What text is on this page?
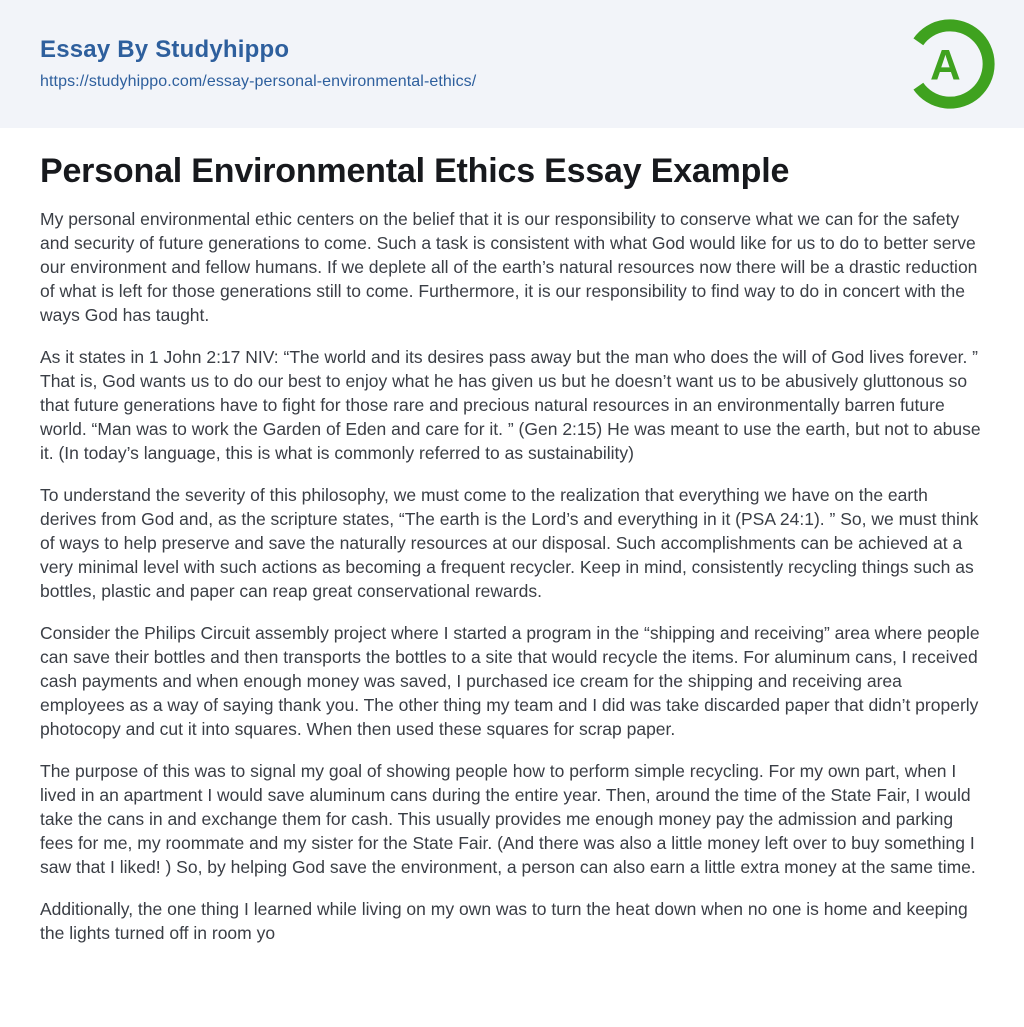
Essay By Studyhippo
https://studyhippo.com/essay-personal-environmental-ethics/	A
Personal Environmental Ethics Essay Example

My personal environmental ethic centers on the belief that it is our responsibility to conserve what we can for the safety and security of future generations to come. Such a task is consistent with what God would like for us to do to better serve our environment and fellow humans. If we deplete all of the earth’s natural resources now there will be a drastic reduction of what is left for those generations still to come. Furthermore, it is our responsibility to find way to do in concert with the ways God has taught.

As it states in 1 John 2:17 NIV: “The world and its desires pass away but the man who does the will of God lives forever. ” That is, God wants us to do our best to enjoy what he has given us but he doesn’t want us to be abusively gluttonous so that future generations have to fight for those rare and precious natural resources in an environmentally barren future world. “Man was to work the Garden of Eden and care for it. ” (Gen 2:15) He was meant to use the earth, but not to abuse it. (In today’s language, this is what is commonly referred to as sustainability)

To understand the severity of this philosophy, we must come to the realization that everything we have on the earth derives from God and, as the scripture states, “The earth is the Lord’s and everything in it (PSA 24:1). ” So, we must think of ways to help preserve and save the naturally resources at our disposal. Such accomplishments can be achieved at a very minimal level with such actions as becoming a frequent recycler. Keep in mind, consistently recycling things such as bottles, plastic and paper can reap great conservational rewards.

Consider the Philips Circuit assembly project where I started a program in the “shipping and receiving” area where people can save their bottles and then transports the bottles to a site that would recycle the items. For aluminum cans, I received cash payments and when enough money was saved, I purchased ice cream for the shipping and receiving area employees as a way of saying thank you. The other thing my team and I did was take discarded paper that didn’t properly photocopy and cut it into squares. When then used these squares for scrap paper.

The purpose of this was to signal my goal of showing people how to perform simple recycling. For my own part, when I lived in an apartment I would save aluminum cans during the entire year. Then, around the time of the State Fair, I would take the cans in and exchange them for cash. This usually provides me enough money pay the admission and parking fees for me, my roommate and my sister for the State Fair. (And there was also a little money left over to buy something I saw that I liked! ) So, by helping God save the environment, a person can also earn a little extra money at the same time.

Additionally, the one thing I learned while living on my own was to turn the heat down when no one is home and keeping the lights turned off in room yo
